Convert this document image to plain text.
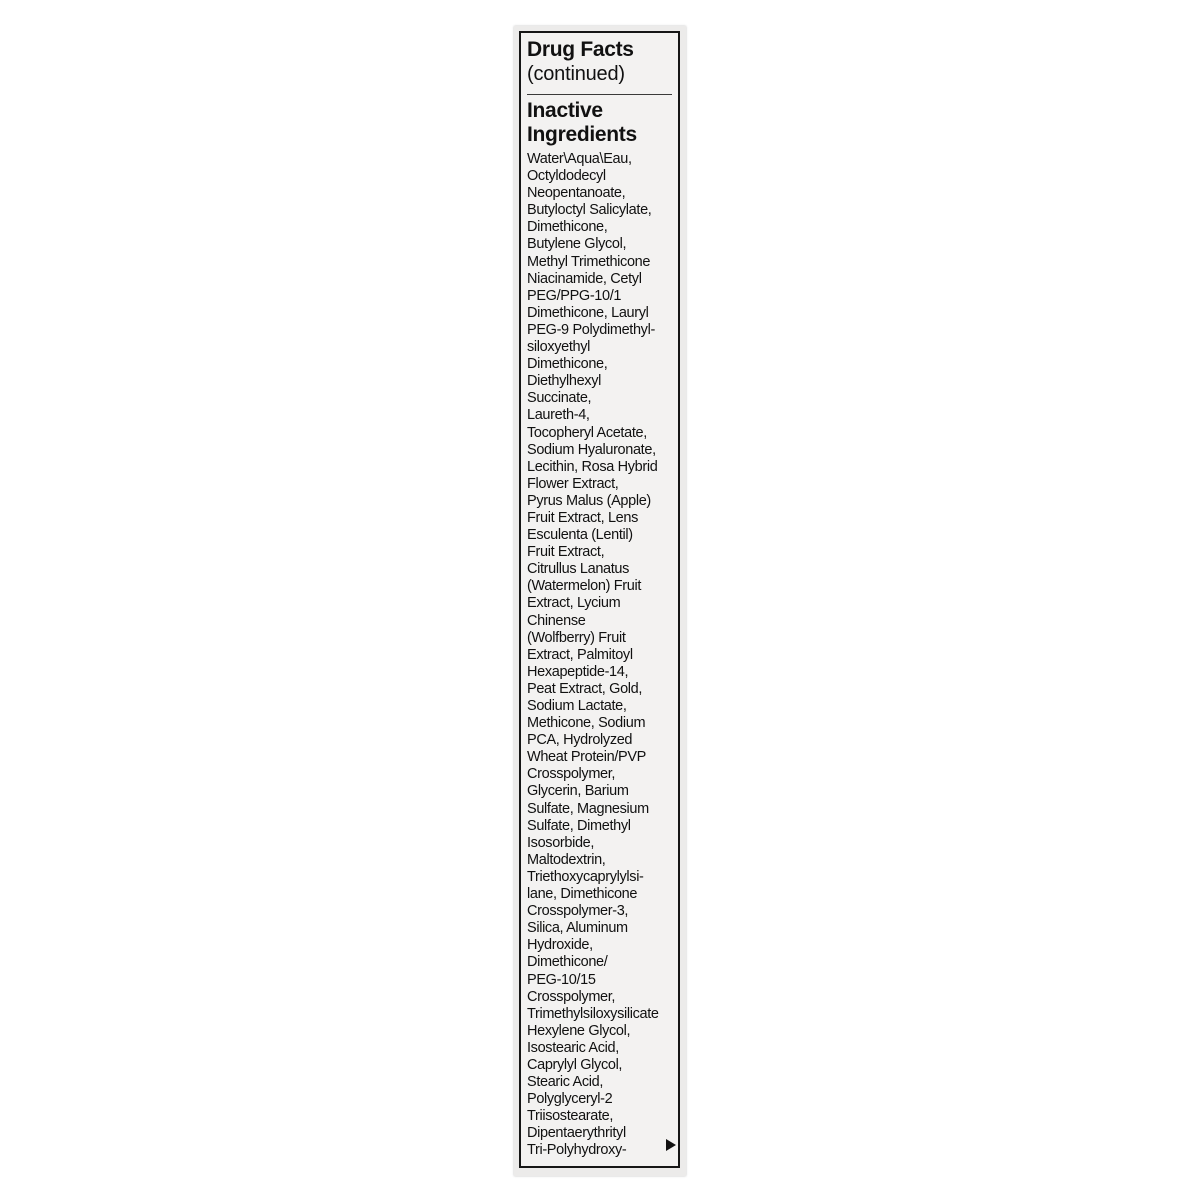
Drug Facts
(continued)
Inactive
Ingredients
Water\Aqua\Eau,
Octyldodecyl
Neopentanoate,
Butyloctyl Salicylate,
Dimethicone,
Butylene Glycol,
Methyl Trimethicone
Niacinamide, Cetyl
PEG/PPG-10/1
Dimethicone, Lauryl
PEG-9 Polydimethyl-
siloxyethyl
Dimethicone,
Diethylhexyl
Succinate,
Laureth-4,
Tocopheryl Acetate,
Sodium Hyaluronate,
Lecithin, Rosa Hybrid
Flower Extract,
Pyrus Malus (Apple)
Fruit Extract, Lens
Esculenta (Lentil)
Fruit Extract,
Citrullus Lanatus
(Watermelon) Fruit
Extract, Lycium
Chinense
(Wolfberry) Fruit
Extract, Palmitoyl
Hexapeptide-14,
Peat Extract, Gold,
Sodium Lactate,
Methicone, Sodium
PCA, Hydrolyzed
Wheat Protein/PVP
Crosspolymer,
Glycerin, Barium
Sulfate, Magnesium
Sulfate, Dimethyl
Isosorbide,
Maltodextrin,
Triethoxycaprylylsi-
lane, Dimethicone
Crosspolymer-3,
Silica, Aluminum
Hydroxide,
Dimethicone/
PEG-10/15
Crosspolymer,
Trimethylsiloxysilicate
Hexylene Glycol,
Isostearic Acid,
Caprylyl Glycol,
Stearic Acid,
Polyglyceryl-2
Triisostearate,
Dipentaerythrityl
Tri-Polyhydroxy-
